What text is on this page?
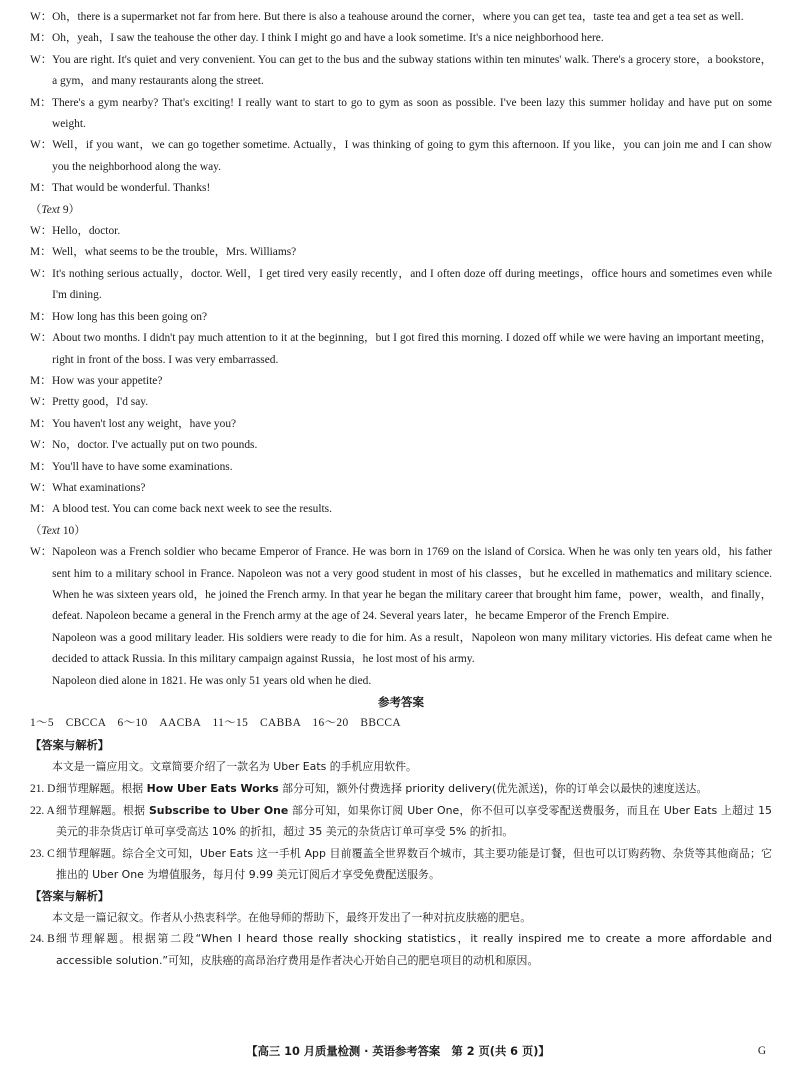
W： Oh，there is a supermarket not far from here. But there is also a teahouse around the corner，where you can get tea，taste tea and get a tea set as well.
M： Oh，yeah，I saw the teahouse the other day. I think I might go and have a look sometime. It's a nice neighborhood here.
W： You are right. It's quiet and very convenient. You can get to the bus and the subway stations within ten minutes' walk. There's a grocery store，a bookstore，a gym，and many restaurants along the street.
M： There's a gym nearby? That's exciting! I really want to start to go to gym as soon as possible. I've been lazy this summer holiday and have put on some weight.
W： Well，if you want，we can go together sometime. Actually，I was thinking of going to gym this afternoon. If you like，you can join me and I can show you the neighborhood along the way.
M： That would be wonderful. Thanks!
（Text 9）
W： Hello，doctor.
M： Well，what seems to be the trouble，Mrs. Williams?
W： It's nothing serious actually，doctor. Well，I get tired very easily recently，and I often doze off during meetings，office hours and sometimes even while I'm dining.
M： How long has this been going on?
W： About two months. I didn't pay much attention to it at the beginning，but I got fired this morning. I dozed off while we were having an important meeting，right in front of the boss. I was very embarrassed.
M： How was your appetite?
W： Pretty good，I'd say.
M： You haven't lost any weight，have you?
W： No，doctor. I've actually put on two pounds.
M： You'll have to have some examinations.
W： What examinations?
M： A blood test. You can come back next week to see the results.
（Text 10）
W： Napoleon was a French soldier who became Emperor of France. He was born in 1769 on the island of Corsica. When he was only ten years old，his father sent him to a military school in France. Napoleon was not a very good student in most of his classes，but he excelled in mathematics and military science. When he was sixteen years old，he joined the French army. In that year he began the military career that brought him fame，power，wealth，and finally，defeat. Napoleon became a general in the French army at the age of 24. Several years later，he became Emperor of the French Empire.
Napoleon was a good military leader. His soldiers were ready to die for him. As a result，Napoleon won many military victories. His defeat came when he decided to attack Russia. In this military campaign against Russia，he lost most of his army.
Napoleon died alone in 1821. He was only 51 years old when he died.
参考答案
1～5　CBCCA　6～10　AACBA　11～15　CABBA　16～20　BBCCA
【答案与解析】
本文是一篇应用文。文章简要介绍了一款名为 Uber Eats 的手机应用软件。
21. D 细节理解题。根据 How Uber Eats Works 部分可知，额外付费选择 priority delivery(优先派送)，你的订单会以最快的速度送达。
22. A 细节理解题。根据 Subscribe to Uber One 部分可知，如果你订阅 Uber One，你不但可以享受零配送费服务，而且在 Uber Eats 上超过 15 美元的非杂货店订单可享受高达 10% 的折扣，超过 35 美元的杂货店订单可享受 5% 的折扣。
23. C 细节理解题。综合全文可知，Uber Eats 这一手机 App 目前覆盖全世界数百个城市，其主要功能是订餐，但也可以订购药物、杂货等其他商品；它推出的 Uber One 为增值服务，每月付 9.99 美元订阅后才享受免费配送服务。
【答案与解析】
本文是一篇记叙文。作者从小热衷科学。在他导师的帮助下，最终开发出了一种对抗皮肤癌的肥皂。
24. B 细节理解题。根据第二段“When I heard those really shocking statistics，it really inspired me to create a more affordable and accessible solution.”可知，皮肤癌的高昂治疗费用是作者决心开始自己的肥皂项目的动机和原因。
【高三 10 月质量检测 · 英语参考答案　第 2 页(共 6 页)】	G
